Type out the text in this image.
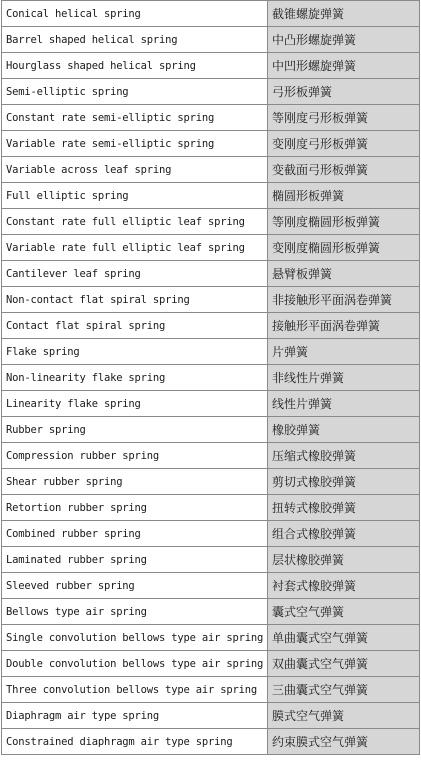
Conical helical spring	截锥螺旋弹簧
Barrel shaped helical spring	中凸形螺旋弹簧
Hourglass shaped helical spring	中凹形螺旋弹簧
Semi-elliptic spring	弓形板弹簧
Constant rate semi-elliptic spring	等刚度弓形板弹簧
Variable rate semi-elliptic spring	变刚度弓形板弹簧
Variable across leaf spring	变截面弓形板弹簧
Full elliptic spring	椭圆形板弹簧
Constant rate full elliptic leaf spring	等刚度椭圆形板弹簧
Variable rate full elliptic leaf spring	变刚度椭圆形板弹簧
Cantilever leaf spring	悬臂板弹簧
Non-contact flat spiral spring	非接触形平面涡卷弹簧
Contact flat spiral spring	接触形平面涡卷弹簧
Flake spring	片弹簧
Non-linearity flake spring	非线性片弹簧
Linearity flake spring	线性片弹簧
Rubber spring	橡胶弹簧
Compression rubber spring	压缩式橡胶弹簧
Shear rubber spring	剪切式橡胶弹簧
Retortion rubber spring	扭转式橡胶弹簧
Combined rubber spring	组合式橡胶弹簧
Laminated rubber spring	层状橡胶弹簧
Sleeved rubber spring	衬套式橡胶弹簧
Bellows type air spring	囊式空气弹簧
Single convolution bellows type air spring	单曲囊式空气弹簧
Double convolution bellows type air spring	双曲囊式空气弹簧
Three convolution bellows type air spring	三曲囊式空气弹簧
Diaphragm air type spring	膜式空气弹簧
Constrained diaphragm air type spring	约束膜式空气弹簧
